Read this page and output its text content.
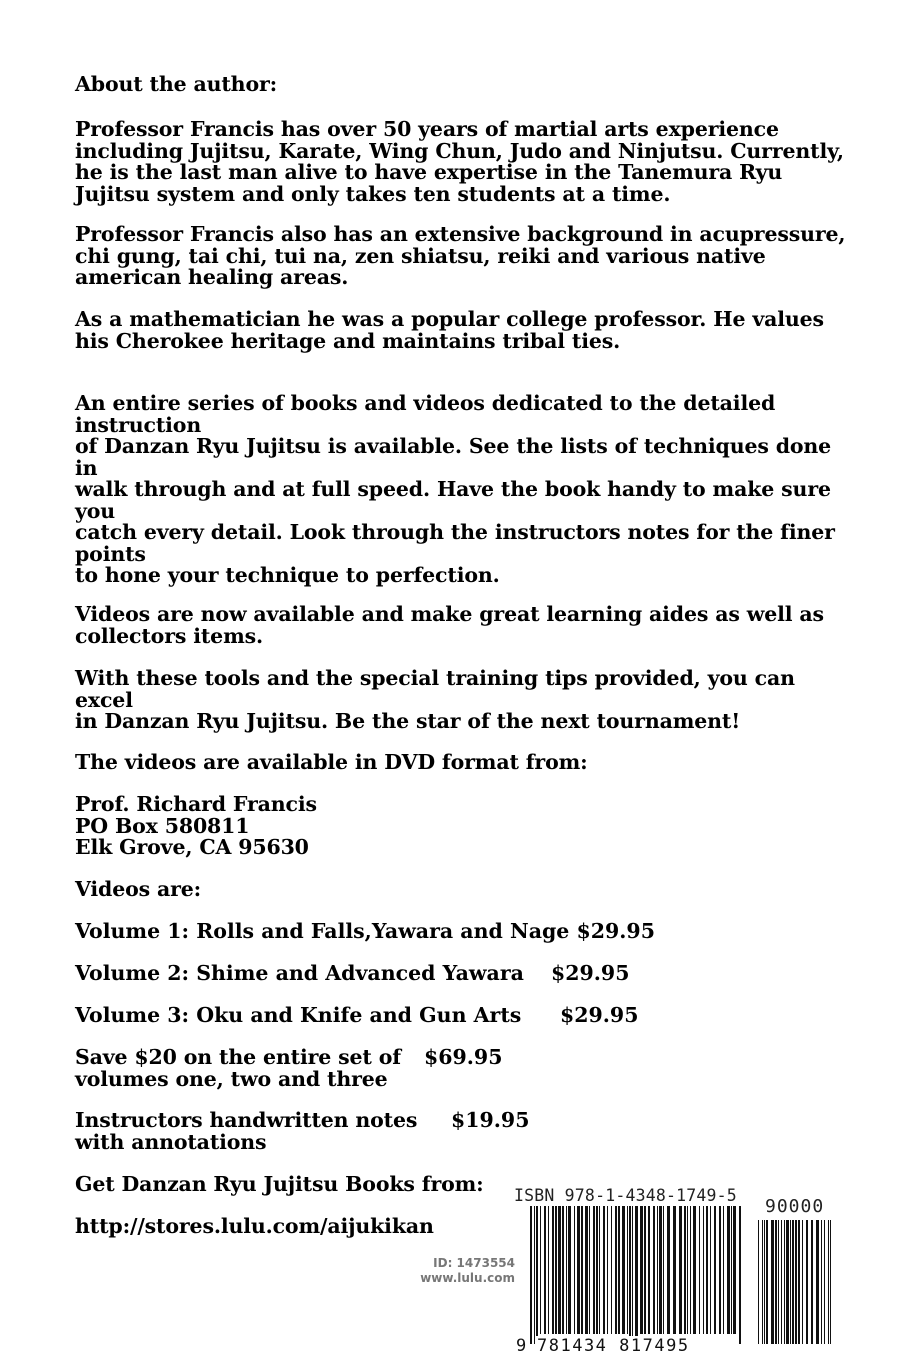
About the author:

Professor Francis has over 50 years of martial arts experience
including Jujitsu, Karate, Wing Chun, Judo and Ninjutsu. Currently,
he is the last man alive to have expertise in the Tanemura Ryu
Jujitsu system and only takes ten students at a time.

Professor Francis also has an extensive background in acupressure,
chi gung, tai chi, tui na, zen shiatsu, reiki and various native
american healing areas.

As a mathematician he was a popular college professor. He values
his Cherokee heritage and maintains tribal ties.

An entire series of books and videos dedicated to the detailed
instruction
of Danzan Ryu Jujitsu is available. See the lists of techniques done
in
walk through and at full speed. Have the book handy to make sure
you
catch every detail. Look through the instructors notes for the finer
points
to hone your technique to perfection.

Videos are now available and make great learning aides as well as
collectors items.

With these tools and the special training tips provided, you can
excel
in Danzan Ryu Jujitsu. Be the star of the next tournament!

The videos are available in DVD format from:

Prof. Richard Francis
PO Box 580811
Elk Grove, CA 95630

Videos are:

Volume 1: Rolls and Falls,Yawara and Nage $29.95
Volume 2: Shime and Advanced Yawara $29.95
Volume 3: Oku and Knife and Gun Arts $29.95

Save $20 on the entire set of
volumes one, two and three

$69.95

Instructors handwritten notes
with annotations

$19.95

Get Danzan Ryu Jujitsu Books from:

http://stores.lulu.com/aijukikan

ID: 1473554
www.lulu.com
ISBN 978-1-4348-1749-5
90000
9 781434 817495
